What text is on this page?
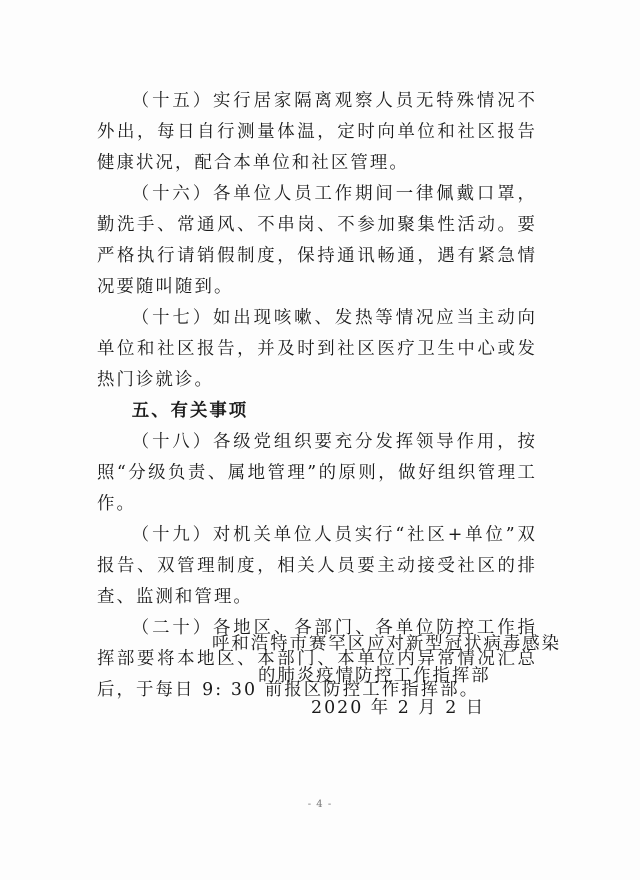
（十五）实行居家隔离观察人员无特殊情况不外出，每日自行测量体温，定时向单位和社区报告健康状况，配合本单位和社区管理。

（十六）各单位人员工作期间一律佩戴口罩，勤洗手、常通风、不串岗、不参加聚集性活动。要严格执行请销假制度，保持通讯畅通，遇有紧急情况要随叫随到。

（十七）如出现咳嗽、发热等情况应当主动向单位和社区报告，并及时到社区医疗卫生中心或发热门诊就诊。

五、有关事项

（十八）各级党组织要充分发挥领导作用，按照“分级负责、属地管理”的原则，做好组织管理工作。

（十九）对机关单位人员实行“社区+单位”双报告、双管理制度，相关人员要主动接受社区的排查、监测和管理。

（二十）各地区、各部门、各单位防控工作指挥部要将本地区、本部门、本单位内异常情况汇总后，于每日 9: 30 前报区防控工作指挥部。

呼和浩特市赛罕区应对新型冠状病毒感染
的肺炎疫情防控工作指挥部
2020 年 2 月 2 日
- 4 -
